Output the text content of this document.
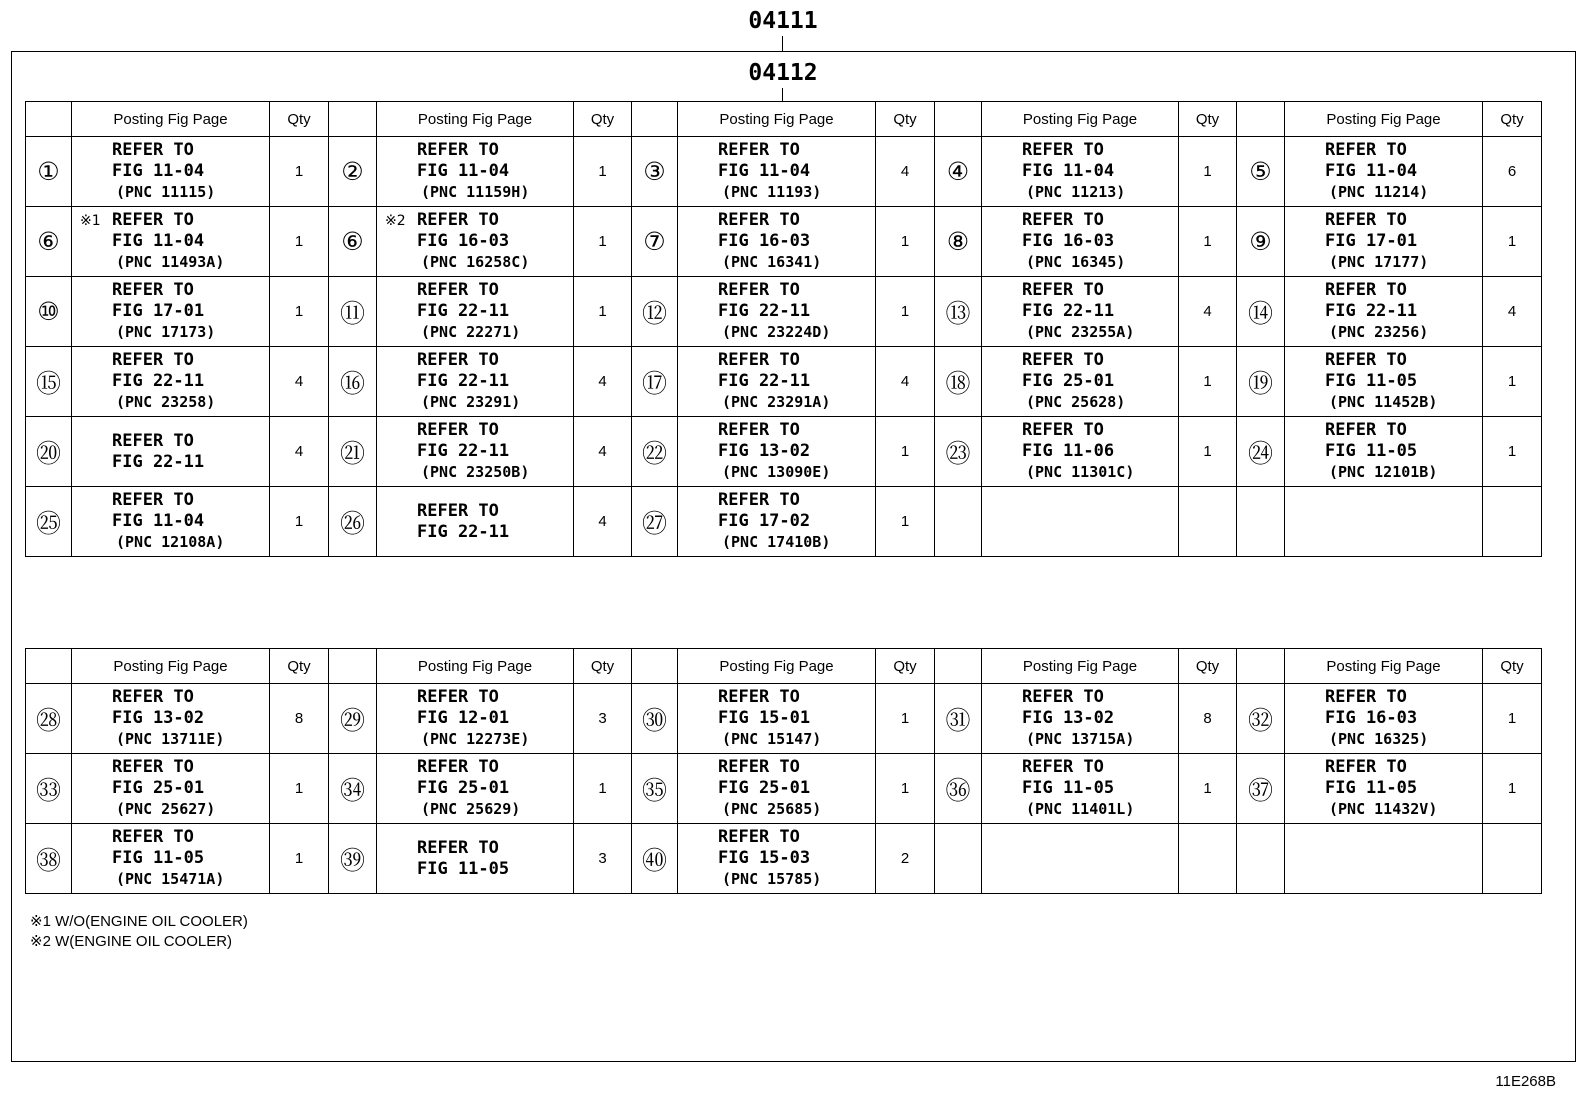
04111
04112
	Posting Fig Page	Qty		Posting Fig Page	Qty		Posting Fig Page	Qty		Posting Fig Page	Qty		Posting Fig Page	Qty
①	REFER TO
FIG 11-04
(PNC 11115)	1	②	REFER TO
FIG 11-04
(PNC 11159H)	1	③	REFER TO
FIG 11-04
(PNC 11193)	4	④	REFER TO
FIG 11-04
(PNC 11213)	1	⑤	REFER TO
FIG 11-04
(PNC 11214)	6
⑥	※1 REFER TO
FIG 11-04
(PNC 11493A)	1	⑥	※2 REFER TO
FIG 16-03
(PNC 16258C)	1	⑦	REFER TO
FIG 16-03
(PNC 16341)	1	⑧	REFER TO
FIG 16-03
(PNC 16345)	1	⑨	REFER TO
FIG 17-01
(PNC 17177)	1
⑩	REFER TO
FIG 17-01
(PNC 17173)	1	⑪	REFER TO
FIG 22-11
(PNC 22271)	1	⑫	REFER TO
FIG 22-11
(PNC 23224D)	1	⑬	REFER TO
FIG 22-11
(PNC 23255A)	4	⑭	REFER TO
FIG 22-11
(PNC 23256)	4
⑮	REFER TO
FIG 22-11
(PNC 23258)	4	⑯	REFER TO
FIG 22-11
(PNC 23291)	4	⑰	REFER TO
FIG 22-11
(PNC 23291A)	4	⑱	REFER TO
FIG 25-01
(PNC 25628)	1	⑲	REFER TO
FIG 11-05
(PNC 11452B)	1
⑳	REFER TO
FIG 22-11	4	㉑	REFER TO
FIG 22-11
(PNC 23250B)	4	㉒	REFER TO
FIG 13-02
(PNC 13090E)	1	㉓	REFER TO
FIG 11-06
(PNC 11301C)	1	㉔	REFER TO
FIG 11-05
(PNC 12101B)	1
㉕	REFER TO
FIG 11-04
(PNC 12108A)	1	㉖	REFER TO
FIG 22-11	4	㉗	REFER TO
FIG 17-02
(PNC 17410B)	1						
	Posting Fig Page	Qty		Posting Fig Page	Qty		Posting Fig Page	Qty		Posting Fig Page	Qty		Posting Fig Page	Qty
㉘	REFER TO
FIG 13-02
(PNC 13711E)	8	㉙	REFER TO
FIG 12-01
(PNC 12273E)	3	㉚	REFER TO
FIG 15-01
(PNC 15147)	1	㉛	REFER TO
FIG 13-02
(PNC 13715A)	8	㉜	REFER TO
FIG 16-03
(PNC 16325)	1
㉝	REFER TO
FIG 25-01
(PNC 25627)	1	㉞	REFER TO
FIG 25-01
(PNC 25629)	1	㉟	REFER TO
FIG 25-01
(PNC 25685)	1	㊱	REFER TO
FIG 11-05
(PNC 11401L)	1	㊲	REFER TO
FIG 11-05
(PNC 11432V)	1
㊳	REFER TO
FIG 11-05
(PNC 15471A)	1	㊴	REFER TO
FIG 11-05	3	㊵	REFER TO
FIG 15-03
(PNC 15785)	2						
※1 W/O(ENGINE OIL COOLER)
※2 W(ENGINE OIL COOLER)
11E268B
